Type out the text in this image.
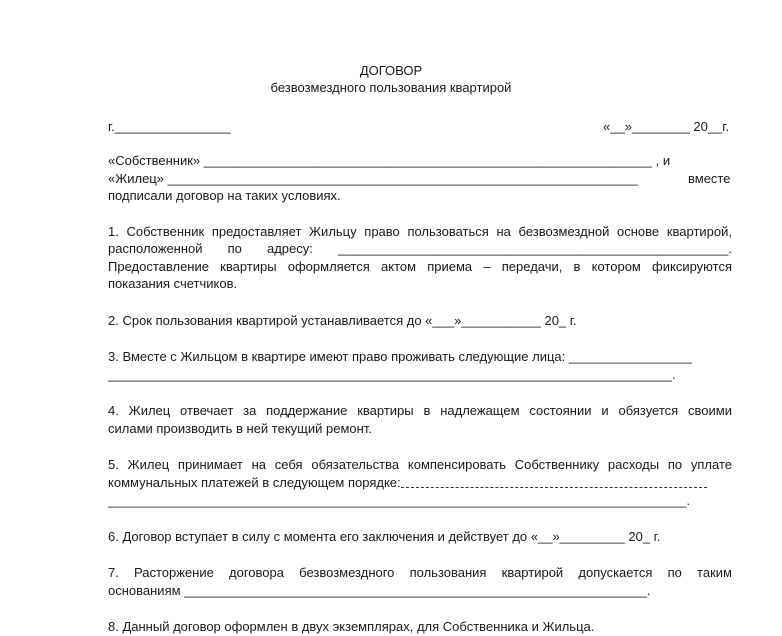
ДОГОВОР
безвозмездного пользования квартирой
г.________________	«__»________ 20__г.
«Собственник» ______________________________________________________________ , и
«Жилец» _________________________________________________________________	вместе
подписали договор на таких условиях.
1. Собственник предоставляет Жильцу право пользоваться на безвозмездной основе квартирой,
расположенной по адресу: ______________________________________________________.
Предоставление квартиры оформляется актом приема – передачи, в котором фиксируются
показания счетчиков.
2. Срок пользования квартирой устанавливается до «___»___________ 20_ г.
3. Вместе с Жильцом в квартире имеют право проживать следующие лица: _________________
______________________________________________________________________________.
4. Жилец отвечает за поддержание квартиры в надлежащем состоянии и обязуется своими
силами производить в ней текущий ремонт.
5. Жилец принимает на себя обязательства компенсировать Собственнику расходы по уплате
коммунальных платежей в следующем порядке:
________________________________________________________________________________.
6. Договор вступает в силу с момента его заключения и действует до «__»_________ 20_ г.
7. Расторжение договора безвозмездного пользования квартирой допускается по таким
основаниям ________________________________________________________________.
8. Данный договор оформлен в двух экземплярах, для Собственника и Жильца.
